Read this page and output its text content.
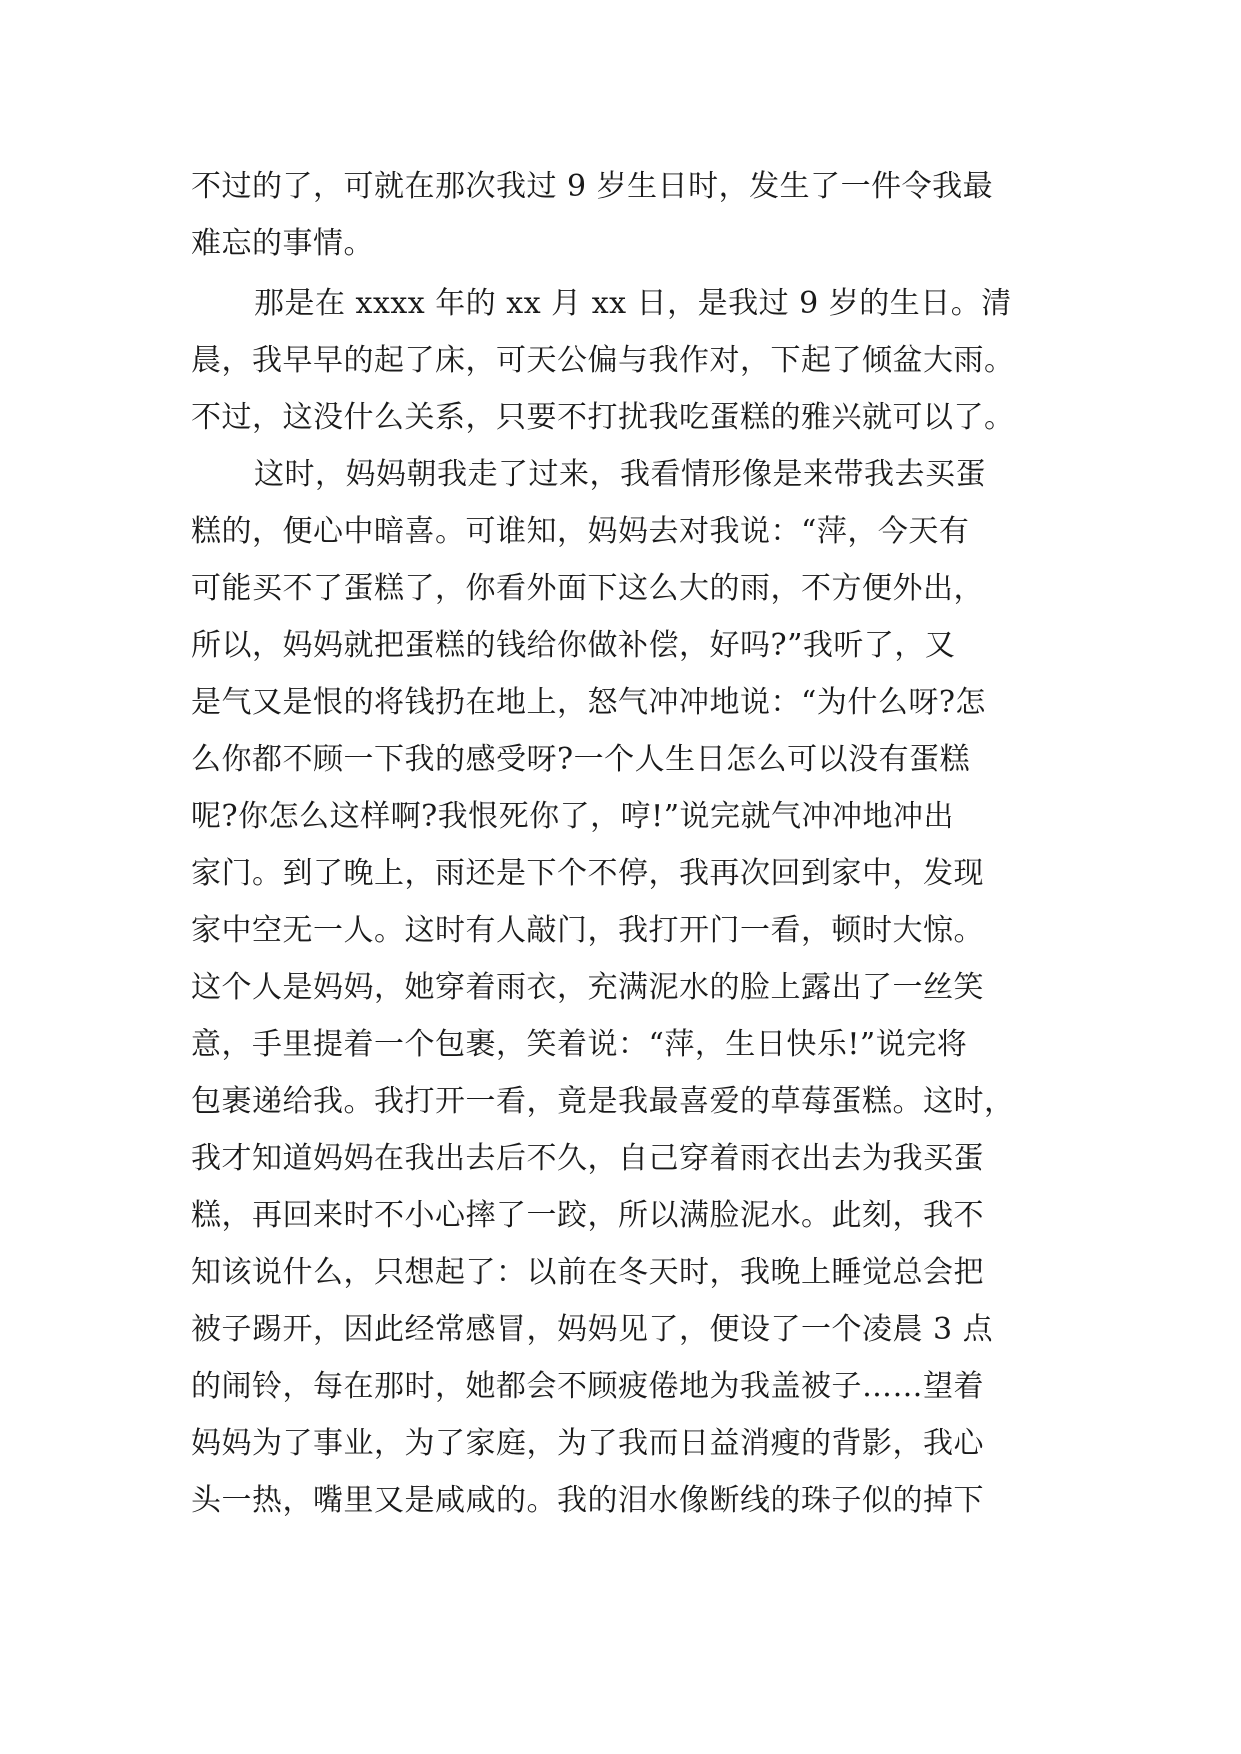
不过的了，可就在那次我过 9 岁生日时，发生了一件令我最
难忘的事情。
那是在 xxxx 年的 xx 月 xx 日，是我过 9 岁的生日。清
晨，我早早的起了床，可天公偏与我作对，下起了倾盆大雨。
不过，这没什么关系，只要不打扰我吃蛋糕的雅兴就可以了。
这时，妈妈朝我走了过来，我看情形像是来带我去买蛋
糕的，便心中暗喜。可谁知，妈妈去对我说：“萍，今天有
可能买不了蛋糕了，你看外面下这么大的雨，不方便外出，
所以，妈妈就把蛋糕的钱给你做补偿，好吗?”我听了，又
是气又是恨的将钱扔在地上，怒气冲冲地说：“为什么呀?怎
么你都不顾一下我的感受呀?一个人生日怎么可以没有蛋糕
呢?你怎么这样啊?我恨死你了，哼!”说完就气冲冲地冲出
家门。到了晚上，雨还是下个不停，我再次回到家中，发现
家中空无一人。这时有人敲门，我打开门一看，顿时大惊。
这个人是妈妈，她穿着雨衣，充满泥水的脸上露出了一丝笑
意，手里提着一个包裹，笑着说：“萍，生日快乐!”说完将
包裹递给我。我打开一看，竟是我最喜爱的草莓蛋糕。这时，
我才知道妈妈在我出去后不久，自己穿着雨衣出去为我买蛋
糕，再回来时不小心摔了一跤，所以满脸泥水。此刻，我不
知该说什么，只想起了：以前在冬天时，我晚上睡觉总会把
被子踢开，因此经常感冒，妈妈见了，便设了一个凌晨 3 点
的闹铃，每在那时，她都会不顾疲倦地为我盖被子……望着
妈妈为了事业，为了家庭，为了我而日益消瘦的背影，我心
头一热，嘴里又是咸咸的。我的泪水像断线的珠子似的掉下
